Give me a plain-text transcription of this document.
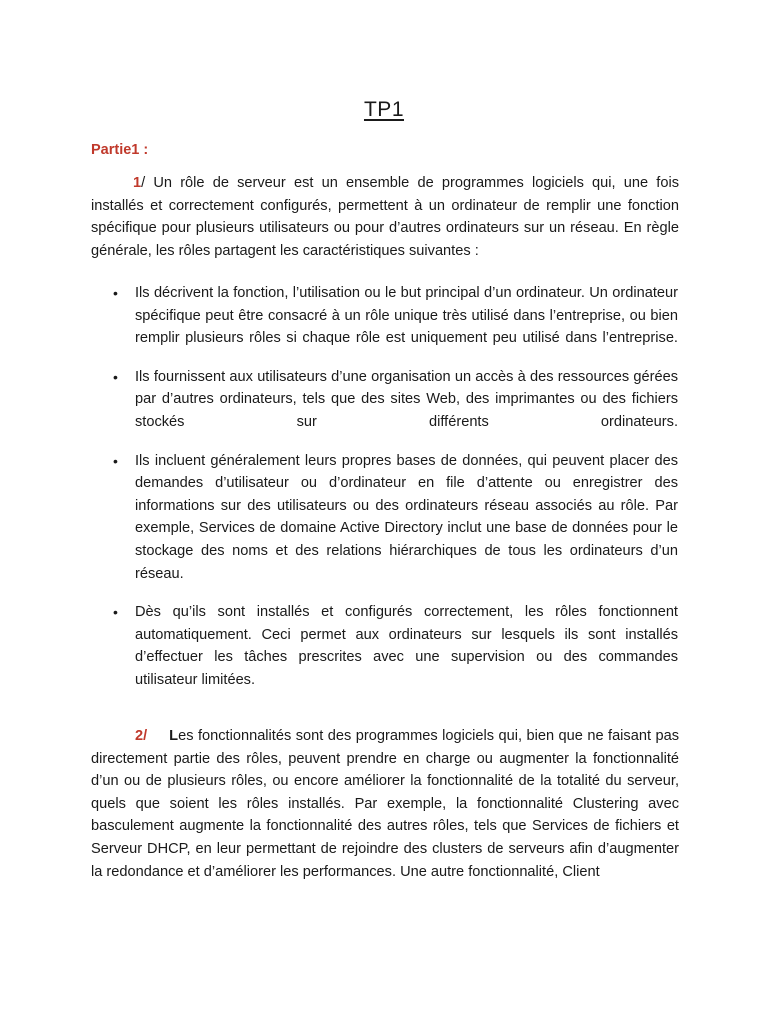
TP1
Partie1 :
1/ Un rôle de serveur est un ensemble de programmes logiciels qui, une fois installés et correctement configurés, permettent à un ordinateur de remplir une fonction spécifique pour plusieurs utilisateurs ou pour d’autres ordinateurs sur un réseau. En règle générale, les rôles partagent les caractéristiques suivantes :
• Ils décrivent la fonction, l’utilisation ou le but principal d’un ordinateur. Un ordinateur spécifique peut être consacré à un rôle unique très utilisé dans l’entreprise, ou bien remplir plusieurs rôles si chaque rôle est uniquement peu utilisé dans l’entreprise.
• Ils fournissent aux utilisateurs d’une organisation un accès à des ressources gérées par d’autres ordinateurs, tels que des sites Web, des imprimantes ou des fichiers stockés sur différents ordinateurs.
• Ils incluent généralement leurs propres bases de données, qui peuvent placer des demandes d’utilisateur ou d’ordinateur en file d’attente ou enregistrer des informations sur des utilisateurs ou des ordinateurs réseau associés au rôle. Par exemple, Services de domaine Active Directory inclut une base de données pour le stockage des noms et des relations hiérarchiques de tous les ordinateurs d’un réseau.
• Dès qu’ils sont installés et configurés correctement, les rôles fonctionnent automatiquement. Ceci permet aux ordinateurs sur lesquels ils sont installés d’effectuer les tâches prescrites avec une supervision ou des commandes utilisateur limitées.
2/ Les fonctionnalités sont des programmes logiciels qui, bien que ne faisant pas directement partie des rôles, peuvent prendre en charge ou augmenter la fonctionnalité d’un ou de plusieurs rôles, ou encore améliorer la fonctionnalité de la totalité du serveur, quels que soient les rôles installés. Par exemple, la fonctionnalité Clustering avec basculement augmente la fonctionnalité des autres rôles, tels que Services de fichiers et Serveur DHCP, en leur permettant de rejoindre des clusters de serveurs afin d’augmenter la redondance et d’améliorer les performances. Une autre fonctionnalité, Client
